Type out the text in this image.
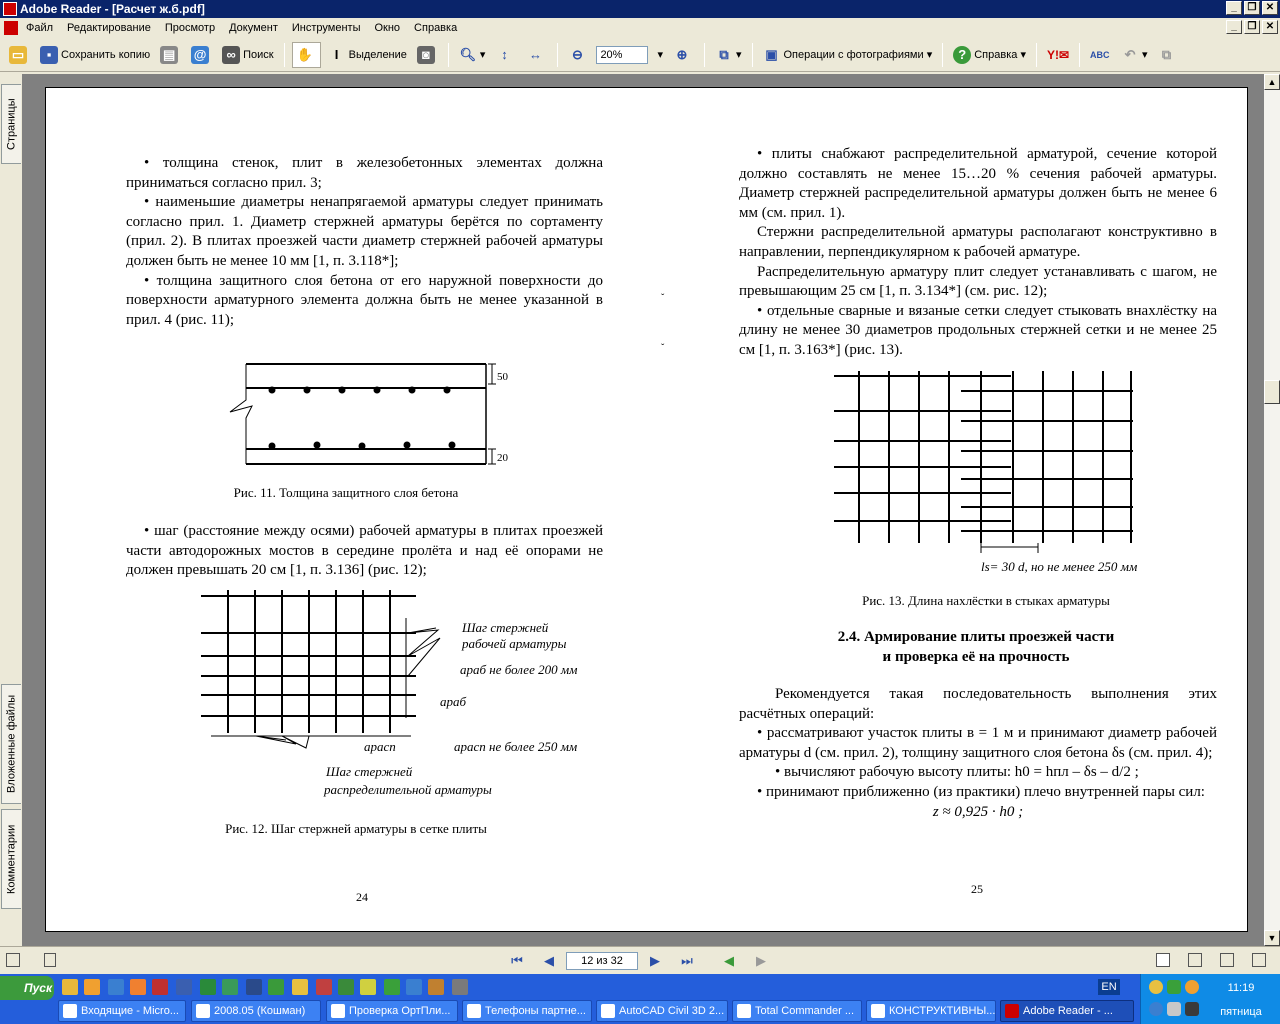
Adobe Reader - [Расчет ж.б.pdf]	_	❐ ✕
Файл Редактирование Просмотр Документ Инструменты Окно Справка	_	❐ ✕
▭	▪ Сохранить копию ▤ @	∞ Поиск ✋	I Выделение	◙	🔍︎ ▾	↕	↔ ⊖	20%	▾ ⊕	⧉ ▾ ▣ Операции с фотографиями
▾	? Справка
▾ Y!✉ ABC ↶ ▾	⧉
Страницы
Вложенные файлы
Комментарии

• толщина стенок, плит в железобетонных элементах должна приниматься согласно прил. 3;

• наименьшие диаметры ненапрягаемой арматуры следует принимать согласно прил. 1. Диаметр стержней арматуры берётся по сортаменту (прил. 2). В плитах проезжей части диаметр стержней рабочей арматуры должен быть не менее 10 мм [1, п. 3.118*];

• толщина защитного слоя бетона от его наружной поверхности до поверхности арматурного элемента должна быть не менее указанной в прил. 4 (рис. 11);

50
20
Рис. 11. Толщина защитного слоя бетона

• шаг (расстояние между осями) рабочей арматуры в плитах проезжей части автодорожных мостов в середине пролёта и над её опорами не должен превышать 20 см [1, п. 3.136] (рис. 12);

Шаг стержней
рабочей арматуры
араб не более 200 мм
араб
арасп	арасп не более 250 мм
Шаг стержней
распределительной арматуры
Рис. 12. Шаг стержней арматуры в сетке плиты
24

• плиты снабжают распределительной арматурой, сечение которой должно составлять не менее 15…20 % сечения рабочей арматуры. Диаметр стержней распределительной арматуры должен быть не менее 6 мм (см. прил. 1).

Стержни распределительной арматуры располагают конструктивно в направлении, перпендикулярном к рабочей арматуре.

Распределительную арматуру плит следует устанавливать с шагом, не превышающим 25 см [1, п. 3.134*] (см. рис. 12);

• отдельные сварные и вязаные сетки следует стыковать внахлёстку на длину не менее 30 диаметров продольных стержней сетки и не менее 25 см [1, п. 3.163*] (рис. 13).

ls= 30 d, но не менее 250 мм
Рис. 13. Длина нахлёстки в стыках арматуры
2.4. Армирование плиты проезжей части
и проверка её на прочность

Рекомендуется такая последовательность выполнения этих расчётных операций:

• рассматривают участок плиты в = 1 м и принимают диаметр рабочей арматуры d (см. прил. 2), толщину защитного слоя бетона δs (см. прил. 4);

• вычисляют рабочую высоту плиты: h0 = hпл – δs – d/2 ;

• принимают приближенно (из практики) плечо внутренней пары сил:

z ≈ 0,925 · h0 ;

25
ˇ
ˇ
▲
▼
⏮	◀	12 из 32	▶	⏭	◀	▶
Пуск	EN
Входящие - Micro...	2008.05 (Кошман)	Проверка ОртПли...	Телефоны партне...	AutoCAD Civil 3D 2...	Total Commander ...	КОНСТРУКТИВНЫ...	Adobe Reader - ...
11:19
пятница
